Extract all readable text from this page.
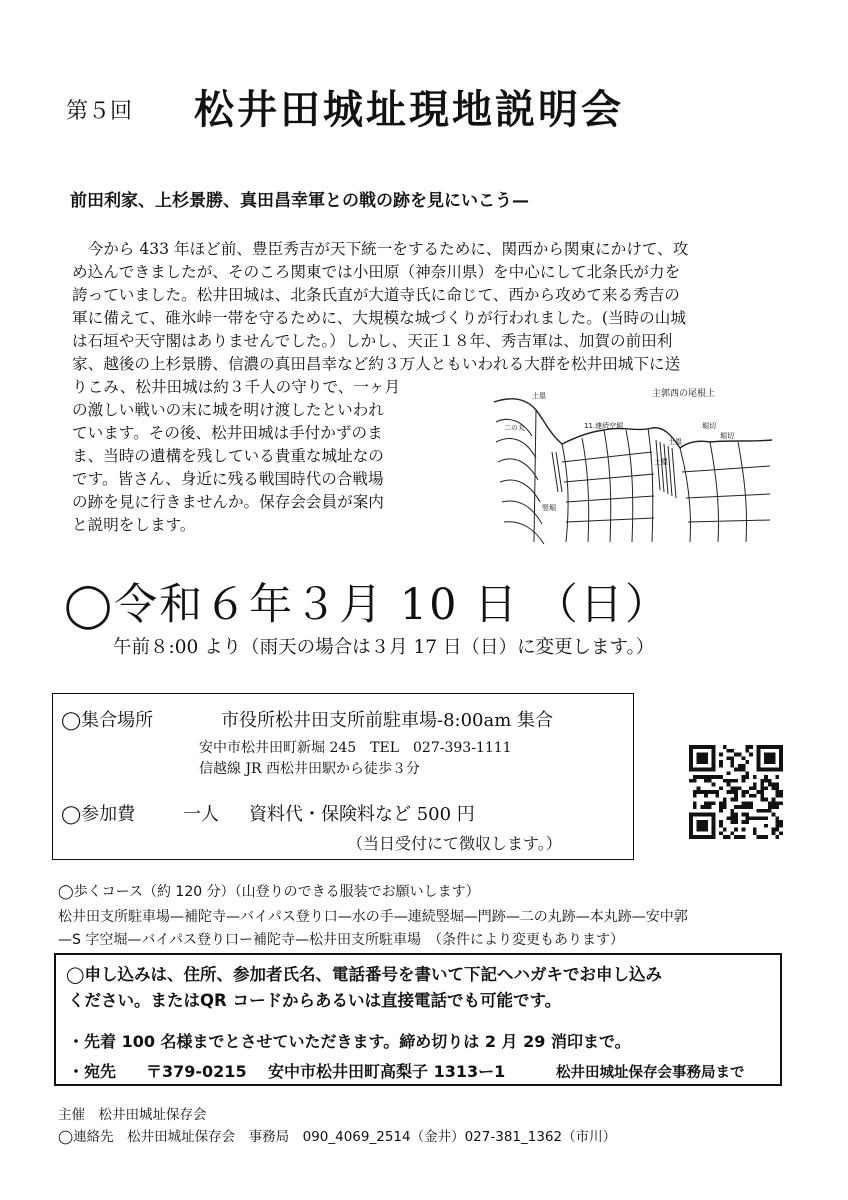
第５回 松井田城址現地説明会
前田利家、上杉景勝、真田昌幸軍との戦の跡を見にいこう—
　今から 433 年ほど前、豊臣秀吉が天下統一をするために、関西から関東にかけて、攻
め込んできましたが、そのころ関東では小田原（神奈川県）を中心にして北条氏が力を
誇っていました。松井田城は、北条氏直が大道寺氏に命じて、西から攻めて来る秀吉の
軍に備えて、碓氷峠一帯を守るために、大規模な城づくりが行われました。(当時の山城
は石垣や天守閣はありませんでした。）しかし、天正１８年、秀吉軍は、加賀の前田利
家、越後の上杉景勝、信濃の真田昌幸など約３万人ともいわれる大群を松井田城下に送
りこみ、松井田城は約３千人の守りで、一ヶ月
の激しい戦いの末に城を明け渡したといわれ
ています。その後、松井田城は手付かずのま
ま、当時の遺構を残している貴重な城址なの
です。皆さん、身近に残る戦国時代の合戦場
の跡を見に行きませんか。保存会会員が案内
と説明をします。
主郭西の尾根上
土塁
二の丸	11.連続空堀	堀切
土塁
土塁
堀切
竪堀
◯令和６年３月 10 日 （日）
午前８:00 より（雨天の場合は３月 17 日（日）に変更します。）
◯集合場所	市役所松井田支所前駐車場-8:00am 集合
安中市松井田町新堀 245　TEL　027-393-1111
信越線 JR 西松井田駅から徒歩３分
◯参加費	一人 資料代・保険料など 500 円
（当日受付にて徴収します。）
◯歩くコース（約 120 分）（山登りのできる服装でお願いします）
松井田支所駐車場—補陀寺—バイパス登り口—水の手—連続竪堀—門跡—二の丸跡—本丸跡—安中郭
—S 字空堀—バイパス登り口ー補陀寺—松井田支所駐車場　（条件により変更もあります）
◯申し込みは、住所、参加者氏名、電話番号を書いて下記へハガキでお申し込み
ください。またはQR コードからあるいは直接電話でも可能です。
・先着 100 名様までとさせていただきます。締め切りは 2 月 29 消印まで。
・宛先 〒379-0215 安中市松井田町高梨子 1313ー1	松井田城址保存会事務局まで
主催　松井田城址保存会
◯連絡先　松井田城址保存会　事務局　090_4069_2514（金井）027-381_1362（市川）
